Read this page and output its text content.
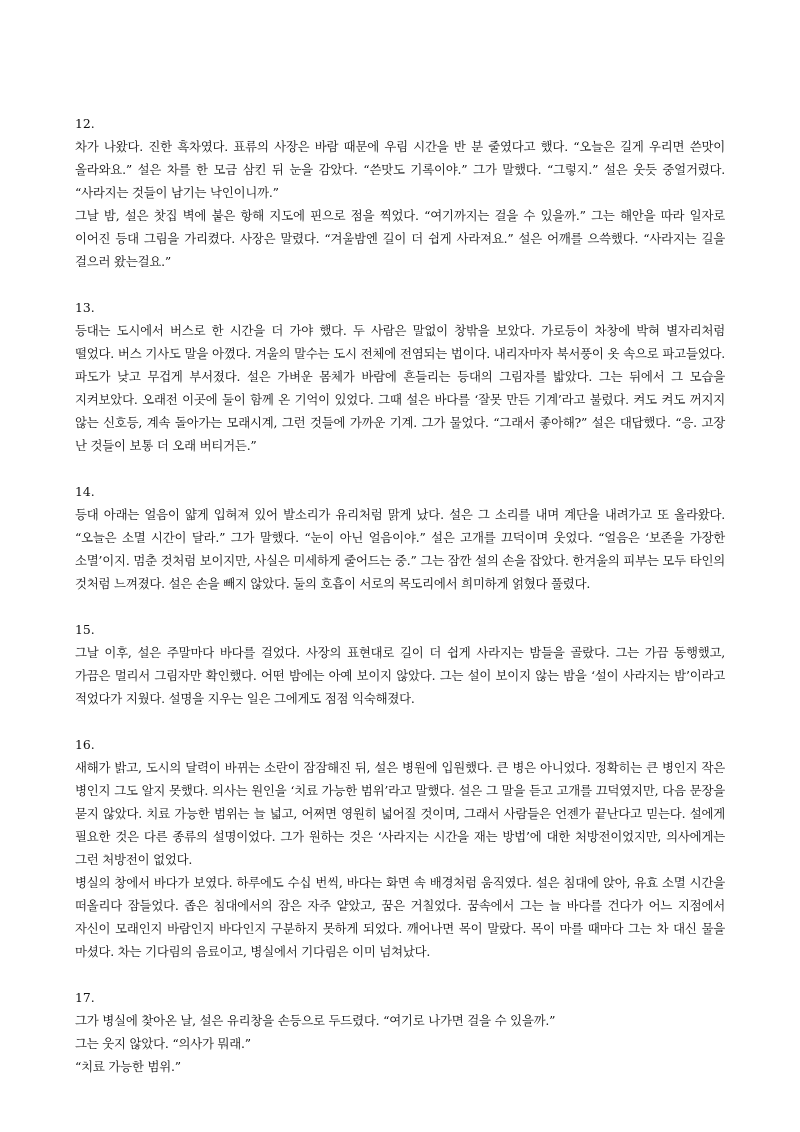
12.

차가 나왔다. 진한 흑차였다. 표류의 사장은 바람 때문에 우림 시간을 반 분 줄였다고 했다. “오늘은 길게 우리면 쓴맛이 올라와요.” 설은 차를 한 모금 삼킨 뒤 눈을 감았다. “쓴맛도 기록이야.” 그가 말했다. “그렇지.” 설은 웃듯 중얼거렸다. “사라지는 것들이 남기는 낙인이니까.”

그날 밤, 설은 찻집 벽에 붙은 항해 지도에 핀으로 점을 찍었다. “여기까지는 걸을 수 있을까.” 그는 해안을 따라 일자로 이어진 등대 그림을 가리켰다. 사장은 말렸다. “겨울밤엔 길이 더 쉽게 사라져요.” 설은 어깨를 으쓱했다. “사라지는 길을 걸으러 왔는걸요.”

13.

등대는 도시에서 버스로 한 시간을 더 가야 했다. 두 사람은 말없이 창밖을 보았다. 가로등이 차창에 박혀 별자리처럼 떨었다. 버스 기사도 말을 아꼈다. 겨울의 말수는 도시 전체에 전염되는 법이다. 내리자마자 북서풍이 옷 속으로 파고들었다. 파도가 낮고 무겁게 부서졌다. 설은 가벼운 몸체가 바람에 흔들리는 등대의 그림자를 밟았다. 그는 뒤에서 그 모습을 지켜보았다. 오래전 이곳에 둘이 함께 온 기억이 있었다. 그때 설은 바다를 ‘잘못 만든 기계’라고 불렀다. 켜도 켜도 꺼지지 않는 신호등, 계속 돌아가는 모래시계, 그런 것들에 가까운 기계. 그가 물었다. “그래서 좋아해?” 설은 대답했다. “응. 고장 난 것들이 보통 더 오래 버티거든.”

14.

등대 아래는 얼음이 얇게 입혀져 있어 발소리가 유리처럼 맑게 났다. 설은 그 소리를 내며 계단을 내려가고 또 올라왔다. “오늘은 소멸 시간이 달라.” 그가 말했다. “눈이 아닌 얼음이야.” 설은 고개를 끄덕이며 웃었다. “얼음은 ‘보존을 가장한 소멸’이지. 멈춘 것처럼 보이지만, 사실은 미세하게 줄어드는 중.” 그는 잠깐 설의 손을 잡았다. 한겨울의 피부는 모두 타인의 것처럼 느껴졌다. 설은 손을 빼지 않았다. 둘의 호흡이 서로의 목도리에서 희미하게 얽혔다 풀렸다.

15.

그날 이후, 설은 주말마다 바다를 걸었다. 사장의 표현대로 길이 더 쉽게 사라지는 밤들을 골랐다. 그는 가끔 동행했고, 가끔은 멀리서 그림자만 확인했다. 어떤 밤에는 아예 보이지 않았다. 그는 설이 보이지 않는 밤을 ‘설이 사라지는 밤’이라고 적었다가 지웠다. 설명을 지우는 일은 그에게도 점점 익숙해졌다.

16.

새해가 밝고, 도시의 달력이 바뀌는 소란이 잠잠해진 뒤, 설은 병원에 입원했다. 큰 병은 아니었다. 정확히는 큰 병인지 작은 병인지 그도 알지 못했다. 의사는 원인을 ‘치료 가능한 범위’라고 말했다. 설은 그 말을 듣고 고개를 끄덕였지만, 다음 문장을 묻지 않았다. 치료 가능한 범위는 늘 넓고, 어쩌면 영원히 넓어질 것이며, 그래서 사람들은 언젠가 끝난다고 믿는다. 설에게 필요한 것은 다른 종류의 설명이었다. 그가 원하는 것은 ‘사라지는 시간을 재는 방법’에 대한 처방전이었지만, 의사에게는 그런 처방전이 없었다.

병실의 창에서 바다가 보였다. 하루에도 수십 번씩, 바다는 화면 속 배경처럼 움직였다. 설은 침대에 앉아, 유효 소멸 시간을 떠올리다 잠들었다. 좁은 침대에서의 잠은 자주 얕았고, 꿈은 거칠었다. 꿈속에서 그는 늘 바다를 건다가 어느 지점에서 자신이 모래인지 바람인지 바다인지 구분하지 못하게 되었다. 깨어나면 목이 말랐다. 목이 마를 때마다 그는 차 대신 물을 마셨다. 차는 기다림의 음료이고, 병실에서 기다림은 이미 넘쳐났다.

17.

그가 병실에 찾아온 날, 설은 유리창을 손등으로 두드렸다. “여기로 나가면 걸을 수 있을까.”

그는 웃지 않았다. “의사가 뭐래.”

“치료 가능한 범위.”
